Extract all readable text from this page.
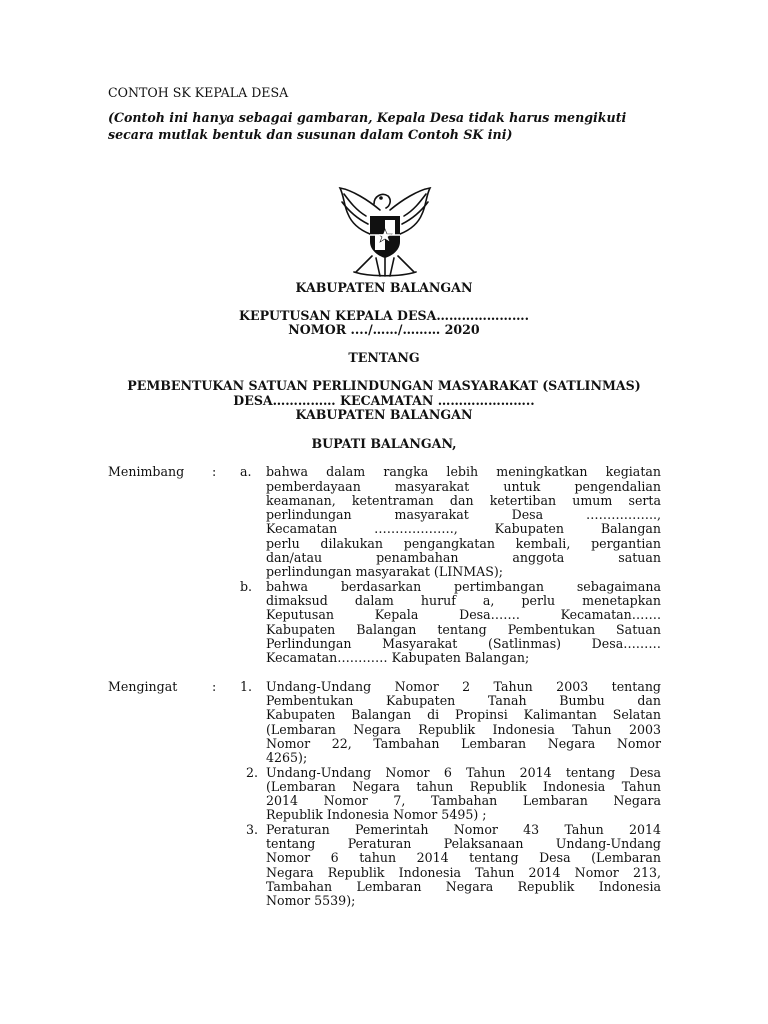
CONTOH SK KEPALA DESA
(Contoh ini hanya sebagai gambaran, Kepala Desa tidak harus mengikuti
secara mutlak bentuk dan susunan dalam Contoh SK ini)
KABUPATEN BALANGAN
KEPUTUSAN KEPALA DESA………………….
NOMOR ..../……/……… 2020
TENTANG
PEMBENTUKAN SATUAN PERLINDUNGAN MASYARAKAT (SATLINMAS)
DESA…………… KECAMATAN …………………..
KABUPATEN BALANGAN
BUPATI BALANGAN,
Menimbang : a. bahwa dalam rangka lebih meningkatkan kegiatan
pemberdayaan masyarakat untuk pengendalian
keamanan, ketentraman dan ketertiban umum serta
perlindungan masyarakat Desa ……………..,
Kecamatan ………………., Kabupaten Balangan
perlu dilakukan pengangkatan kembali, pergantian
dan/atau penambahan anggota satuan
perlindungan masyarakat (LINMAS);
b. bahwa berdasarkan pertimbangan sebagaimana
dimaksud dalam huruf a, perlu menetapkan
Keputusan Kepala Desa……. Kecamatan…….
Kabupaten Balangan tentang Pembentukan Satuan
Perlindungan Masyarakat (Satlinmas) Desa………
Kecamatan………… Kabupaten Balangan;
Mengingat	: 1. Undang-Undang Nomor 2 Tahun 2003 tentang
Pembentukan Kabupaten Tanah Bumbu dan
Kabupaten Balangan di Propinsi Kalimantan Selatan
(Lembaran Negara Republik Indonesia Tahun 2003
Nomor 22, Tambahan Lembaran Negara Nomor
4265);
2. Undang-Undang Nomor 6 Tahun 2014 tentang Desa
(Lembaran Negara tahun Republik Indonesia Tahun
2014 Nomor 7, Tambahan Lembaran Negara
Republik Indonesia Nomor 5495) ;
3. Peraturan Pemerintah Nomor 43 Tahun 2014
tentang Peraturan Pelaksanaan Undang-Undang
Nomor 6 tahun 2014 tentang Desa (Lembaran
Negara Republik Indonesia Tahun 2014 Nomor 213,
Tambahan Lembaran Negara Republik Indonesia
Nomor 5539);
